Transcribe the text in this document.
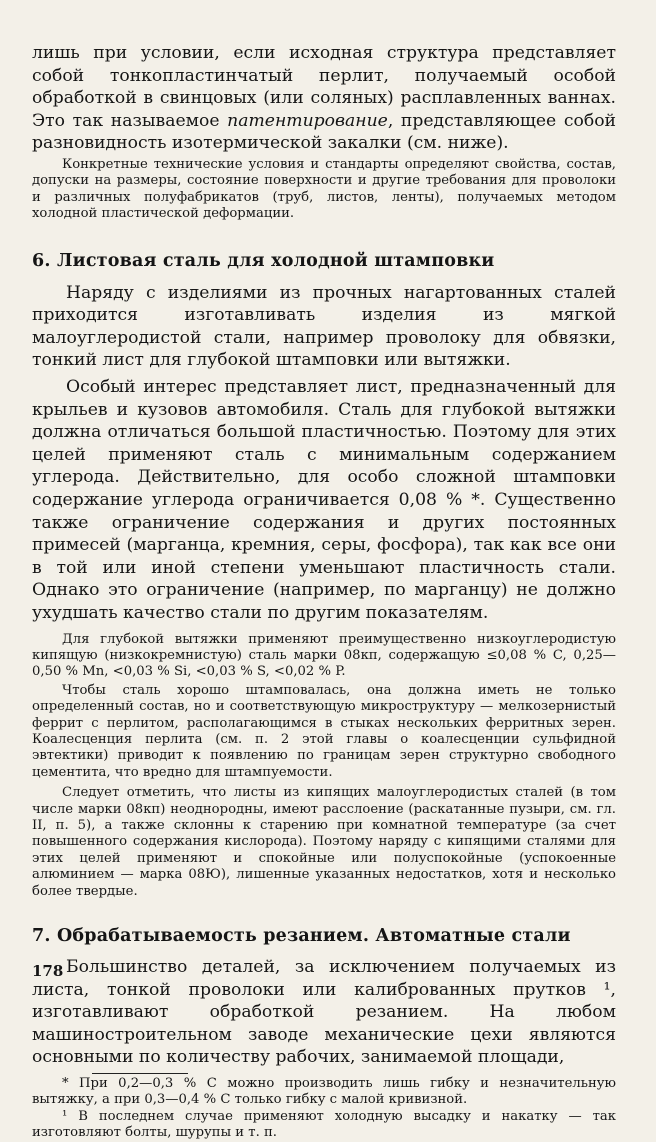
лишь при условии, если исходная структура представляет собой тонкопластинчатый перлит, получаемый особой обработкой в свинцовых (или соляных) расплавленных ваннах. Это так называемое патентирование, представляющее собой разновидность изотермической закалки (см. ниже).

Конкретные технические условия и стандарты определяют свойства, состав, допуски на размеры, состояние поверхности и другие требования для проволоки и различных полуфабрикатов (труб, листов, ленты), получаемых методом холодной пластической деформации.

6. Листовая сталь для холодной штамповки

Наряду с изделиями из прочных нагартованных сталей приходится изготавливать изделия из мягкой малоуглеродистой стали, например проволоку для обвязки, тонкий лист для глубокой штамповки или вытяжки.

Особый интерес представляет лист, предназначенный для крыльев и кузовов автомобиля. Сталь для глубокой вытяжки должна отличаться большой пластичностью. Поэтому для этих целей применяют сталь с минимальным содержанием углерода. Действительно, для особо сложной штамповки содержание углерода ограничивается 0,08 % *. Существенно также ограничение содержания и других постоянных примесей (марганца, кремния, серы, фосфора), так как все они в той или иной степени уменьшают пластичность стали. Однако это ограничение (например, по марганцу) не должно ухудшать качество стали по другим показателям.

Для глубокой вытяжки применяют преимущественно низкоуглеродистую кипящую (низкокремнистую) сталь марки 08кп, содержащую ≤0,08 % C, 0,25—0,50 % Mn, <0,03 % Si, <0,03 % S, <0,02 % P.

Чтобы сталь хорошо штамповалась, она должна иметь не только определенный состав, но и соответствующую микроструктуру — мелкозернистый феррит с перлитом, располагающимся в стыках нескольких ферритных зерен. Коалесценция перлита (см. п. 2 этой главы о коалесценции сульфидной эвтектики) приводит к появлению по границам зерен структурно свободного цементита, что вредно для штампуемости.

Следует отметить, что листы из кипящих малоуглеродистых сталей (в том числе марки 08кп) неоднородны, имеют расслоение (раскатанные пузыри, см. гл. II, п. 5), а также склонны к старению при комнатной температуре (за счет повышенного содержания кислорода). Поэтому наряду с кипящими сталями для этих целей применяют и спокойные или полуспокойные (успокоенные алюминием — марка 08Ю), лишенные указанных недостатков, хотя и несколько более твердые.

7. Обрабатываемость резанием. Автоматные стали

Большинство деталей, за исключением получаемых из листа, тонкой проволоки или калиброванных прутков ¹, изготавливают обработкой резанием. На любом машиностроительном заводе механические цехи являются основными по количеству рабочих, занимаемой площади,

* При 0,2—0,3 % C можно производить лишь гибку и незначительную вытяжку, а при 0,3—0,4 % C только гибку с малой кривизной.

¹ В последнем случае применяют холодную высадку и накатку — так изготовляют болты, шурупы и т. п.

178
